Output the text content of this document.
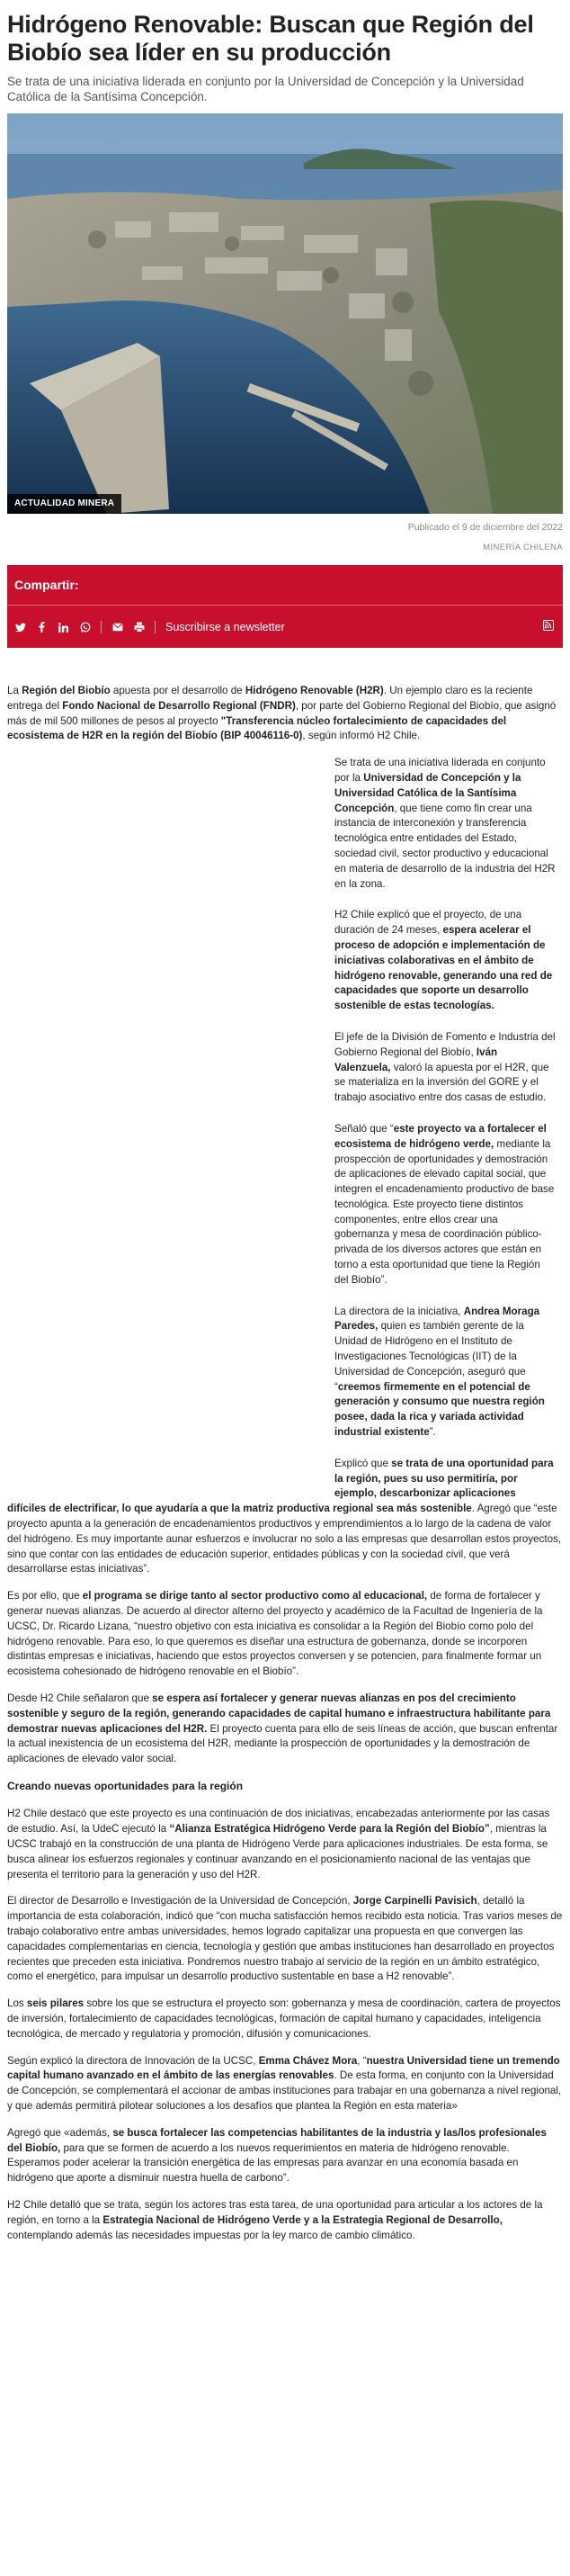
Hidrógeno Renovable: Buscan que Región del Biobío sea líder en su producción

Se trata de una iniciativa liderada en conjunto por la Universidad de Concepción y la Universidad Católica de la Santísima Concepción.

ACTUALIDAD MINERA
Publicado el 9 de diciembre del 2022
MINERÍA CHILENA
Compartir:
Suscribirse a newsletter

La Región del Biobío apuesta por el desarrollo de Hidrógeno Renovable (H2R). Un ejemplo claro es la reciente entrega del Fondo Nacional de Desarrollo Regional (FNDR), por parte del Gobierno Regional del Biobío, que asignó más de mil 500 millones de pesos al proyecto "Transferencia núcleo fortalecimiento de capacidades del ecosistema de H2R en la región del Biobío (BIP 40046116-0), según informó H2 Chile.

Se trata de una iniciativa liderada en conjunto por la Universidad de Concepción y la Universidad Católica de la Santísima Concepción, que tiene como fin crear una instancia de interconexión y transferencia tecnológica entre entidades del Estado, sociedad civil, sector productivo y educacional en materia de desarrollo de la industria del H2R en la zona.

H2 Chile explicó que el proyecto, de una duración de 24 meses, espera acelerar el proceso de adopción e implementación de iniciativas colaborativas en el ámbito de hidrógeno renovable, generando una red de capacidades que soporte un desarrollo sostenible de estas tecnologías.

El jefe de la División de Fomento e Industria del Gobierno Regional del Biobío, Iván Valenzuela, valoró la apuesta por el H2R, que se materializa en la inversión del GORE y el trabajo asociativo entre dos casas de estudio.

Señaló que “este proyecto va a fortalecer el ecosistema de hidrógeno verde, mediante la prospección de oportunidades y demostración de aplicaciones de elevado capital social, que integren el encadenamiento productivo de base tecnológica. Este proyecto tiene distintos componentes, entre ellos crear una gobernanza y mesa de coordinación público-privada de los diversos actores que están en torno a esta oportunidad que tiene la Región del Biobío”.

La directora de la iniciativa, Andrea Moraga Paredes, quien es también gerente de la Unidad de Hidrógeno en el Instituto de Investigaciones Tecnológicas (IIT) de la Universidad de Concepción, aseguró que “creemos firmemente en el potencial de generación y consumo que nuestra región posee, dada la rica y variada actividad industrial existente”.

Explicó que se trata de una oportunidad para la región, pues su uso permitiría, por ejemplo, descarbonizar aplicaciones

difíciles de electrificar, lo que ayudaría a que la matriz productiva regional sea más sostenible. Agregó que “este proyecto apunta a la generación de encadenamientos productivos y emprendimientos a lo largo de la cadena de valor del hidrógeno. Es muy importante aunar esfuerzos e involucrar no solo a las empresas que desarrollan estos proyectos, sino que contar con las entidades de educación superior, entidades públicas y con la sociedad civil, que verá desarrollarse estas iniciativas”.

Es por ello, que el programa se dirige tanto al sector productivo como al educacional, de forma de fortalecer y generar nuevas alianzas. De acuerdo al director alterno del proyecto y académico de la Facultad de Ingeniería de la UCSC, Dr. Ricardo Lizana, “nuestro objetivo con esta iniciativa es consolidar a la Región del Biobío como polo del hidrógeno renovable. Para eso, lo que queremos es diseñar una estructura de gobernanza, donde se incorporen distintas empresas e iniciativas, haciendo que estos proyectos conversen y se potencien, para finalmente formar un ecosistema cohesionado de hidrógeno renovable en el Biobío”.

Desde H2 Chile señalaron que se espera así fortalecer y generar nuevas alianzas en pos del crecimiento sostenible y seguro de la región, generando capacidades de capital humano e infraestructura habilitante para demostrar nuevas aplicaciones del H2R. El proyecto cuenta para ello de seis líneas de acción, que buscan enfrentar la actual inexistencia de un ecosistema del H2R, mediante la prospección de oportunidades y la demostración de aplicaciones de elevado valor social.

Creando nuevas oportunidades para la región

H2 Chile destacó que este proyecto es una continuación de dos iniciativas, encabezadas anteriormente por las casas de estudio. Así, la UdeC ejecutó la “Alianza Estratégica Hidrógeno Verde para la Región del Biobío”, mientras la UCSC trabajó en la construcción de una planta de Hidrógeno Verde para aplicaciones industriales. De esta forma, se busca alinear los esfuerzos regionales y continuar avanzando en el posicionamiento nacional de las ventajas que presenta el territorio para la generación y uso del H2R.

El director de Desarrollo e Investigación de la Universidad de Concepción, Jorge Carpinelli Pavisich, detalló la importancia de esta colaboración, indicó que “con mucha satisfacción hemos recibido esta noticia. Tras varios meses de trabajo colaborativo entre ambas universidades, hemos logrado capitalizar una propuesta en que convergen las capacidades complementarias en ciencia, tecnología y gestión que ambas instituciones han desarrollado en proyectos recientes que preceden esta iniciativa. Pondremos nuestro trabajo al servicio de la región en un ámbito estratégico, como el energético, para impulsar un desarrollo productivo sustentable en base a H2 renovable”.

Los seis pilares sobre los que se estructura el proyecto son: gobernanza y mesa de coordinación, cartera de proyectos de inversión, fortalecimiento de capacidades tecnológicas, formación de capital humano y capacidades, inteligencia tecnológica, de mercado y regulatoria y promoción, difusión y comunicaciones.

Según explicó la directora de Innovación de la UCSC, Emma Chávez Mora, “nuestra Universidad tiene un tremendo capital humano avanzado en el ámbito de las energías renovables. De esta forma, en conjunto con la Universidad de Concepción, se complementará el accionar de ambas instituciones para trabajar en una gobernanza a nivel regional, y que además permitirá pilotear soluciones a los desafíos que plantea la Región en esta materia»

Agregó que «además, se busca fortalecer las competencias habilitantes de la industria y las/los profesionales del Biobío, para que se formen de acuerdo a los nuevos requerimientos en materia de hidrógeno renovable. Esperamos poder acelerar la transición energética de las empresas para avanzar en una economía basada en hidrógeno que aporte a disminuir nuestra huella de carbono”.

H2 Chile detalló que se trata, según los actores tras esta tarea, de una oportunidad para articular a los actores de la región, en torno a la Estrategia Nacional de Hidrógeno Verde y a la Estrategia Regional de Desarrollo, contemplando además las necesidades impuestas por la ley marco de cambio climático.
